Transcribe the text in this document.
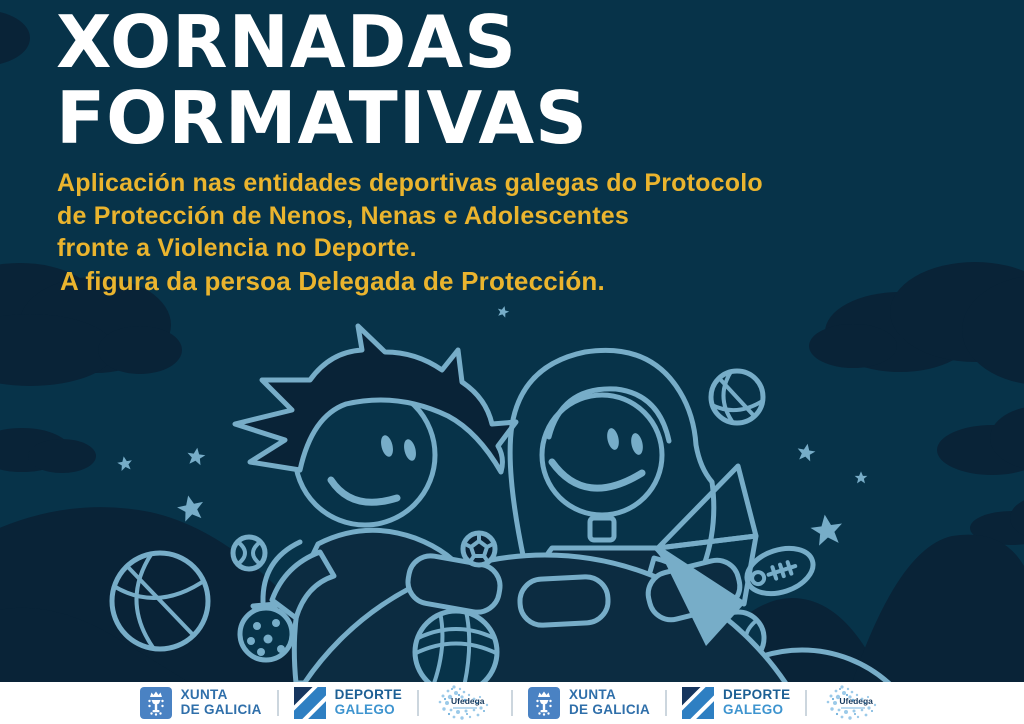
XORNADAS
FORMATIVAS
Aplicación nas entidades deportivas galegas do Protocolo
de Protección de Nenos, Nenas e Adolescentes
fronte a Violencia no Deporte.
A figura da persoa Delegada de Protección.
XUNTA
DE GALICIA
DEPORTE
GALEGO
Ufedega	XUNTA
DE GALICIA
DEPORTE
GALEGO
Ufedega
